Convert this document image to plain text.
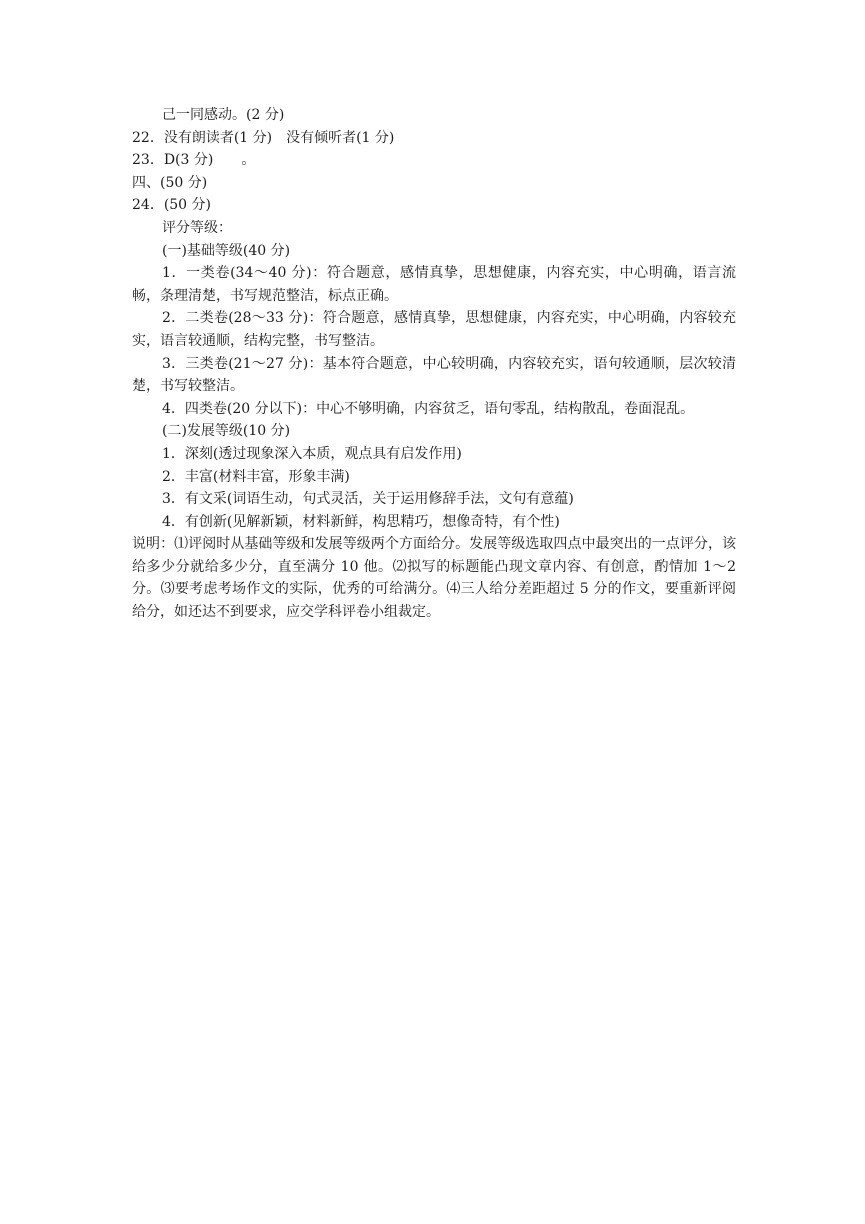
己一同感动。(2 分)

22．没有朗读者(1 分)　没有倾听者(1 分)

23．D(3 分)　　。

四、(50 分)

24．(50 分)

评分等级：

(一)基础等级(40 分)

1．一类卷(34～40 分)：符合题意，感情真挚，思想健康，内容充实，中心明确，语言流畅，条理清楚，书写规范整洁，标点正确。

2．二类卷(28～33 分)：符合题意，感情真挚，思想健康，内容充实，中心明确，内容较充实，语言较通顺，结构完整，书写整洁。

3．三类卷(21～27 分)：基本符合题意，中心较明确，内容较充实，语句较通顺，层次较清楚，书写较整洁。

4．四类卷(20 分以下)：中心不够明确，内容贫乏，语句零乱，结构散乱，卷面混乱。

(二)发展等级(10 分)

1．深刻(透过现象深入本质，观点具有启发作用)

2．丰富(材料丰富，形象丰满)

3．有文采(词语生动，句式灵活，关于运用修辞手法，文句有意蕴)

4．有创新(见解新颖，材料新鲜，构思精巧，想像奇特，有个性)

说明：⑴评阅时从基础等级和发展等级两个方面给分。发展等级选取四点中最突出的一点评分，该给多少分就给多少分，直至满分 10 他。⑵拟写的标题能凸现文章内容、有创意，酌情加 1～2 分。⑶要考虑考场作文的实际，优秀的可给满分。⑷三人给分差距超过 5 分的作文，要重新评阅给分，如还达不到要求，应交学科评卷小组裁定。
